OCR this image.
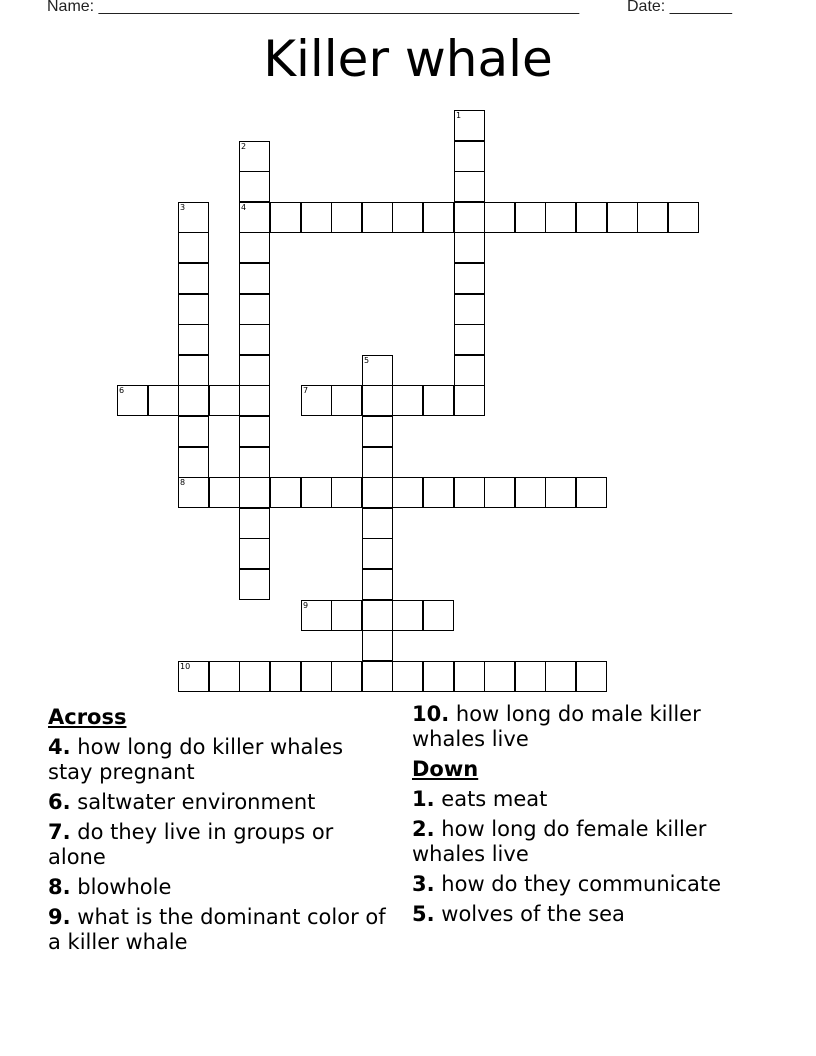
Name: ______________________________________________________	Date: _______
Killer whale
1
2
4
3
5
6	7
8
9
10
Across
4. how long do killer whales stay pregnant
6. saltwater environment
7. do they live in groups or alone
8. blowhole
9. what is the dominant color of a killer whale
10. how long do male killer whales live
Down
1. eats meat
2. how long do female killer whales live
3. how do they communicate
5. wolves of the sea
